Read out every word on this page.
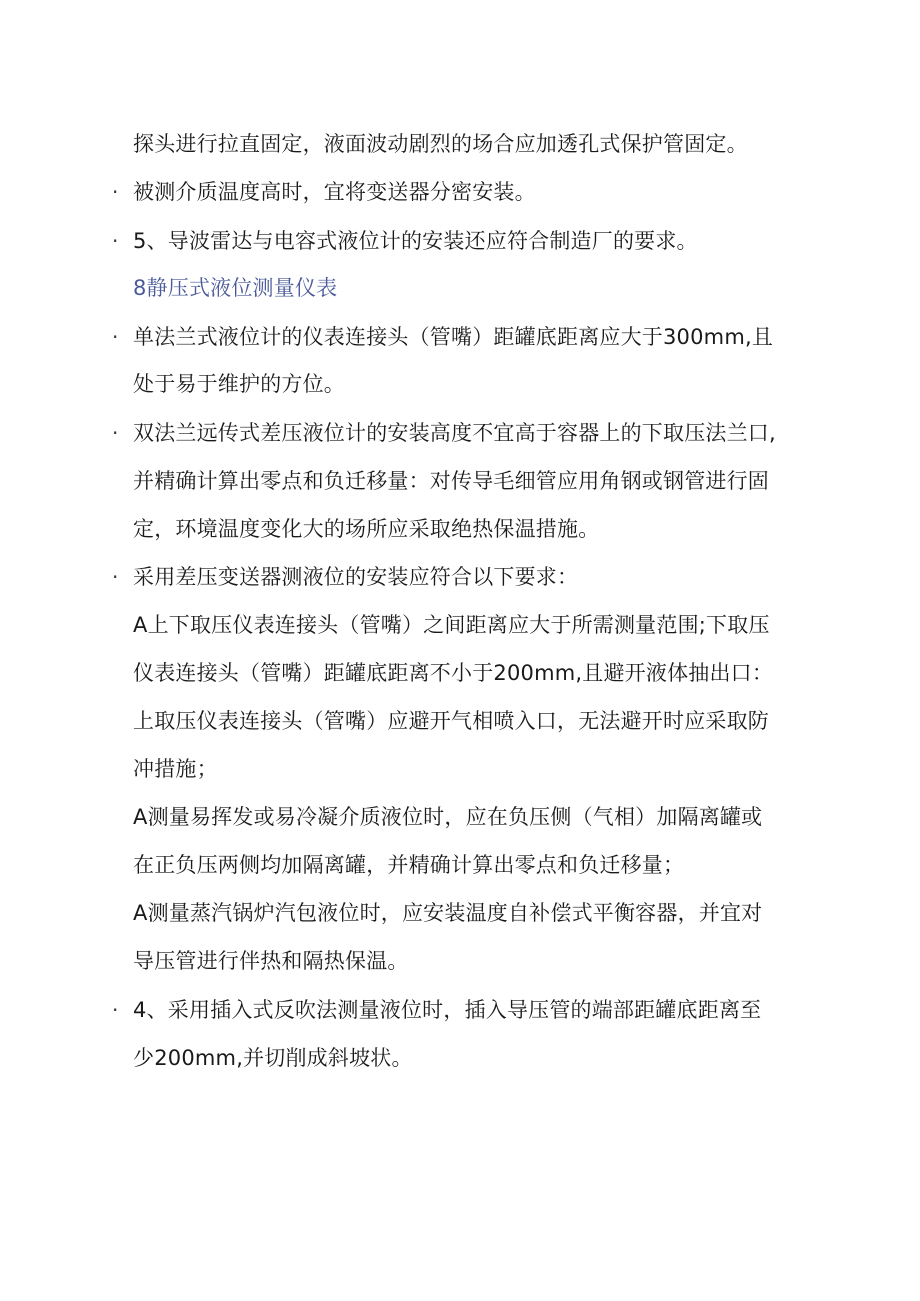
探头进行拉直固定，液面波动剧烈的场合应加透孔式保护管固定。
· 被测介质温度高时，宜将变送器分密安装。
· 5、导波雷达与电容式液位计的安装还应符合制造厂的要求。
8静压式液位测量仪表
· 单法兰式液位计的仪表连接头（管嘴）距罐底距离应大于300mm,且
处于易于维护的方位。
· 双法兰远传式差压液位计的安装高度不宜高于容器上的下取压法兰口,
并精确计算出零点和负迁移量：对传导毛细管应用角钢或钢管进行固
定，环境温度变化大的场所应采取绝热保温措施。
· 采用差压变送器测液位的安装应符合以下要求：
A上下取压仪表连接头（管嘴）之间距离应大于所需测量范围;下取压
仪表连接头（管嘴）距罐底距离不小于200mm,且避开液体抽出口：
上取压仪表连接头（管嘴）应避开气相喷入口，无法避开时应采取防
冲措施；
A测量易挥发或易冷凝介质液位时，应在负压侧（气相）加隔离罐或
在正负压两侧均加隔离罐，并精确计算出零点和负迁移量；
A测量蒸汽锅炉汽包液位时，应安装温度自补偿式平衡容器，并宜对
导压管进行伴热和隔热保温。
· 4、采用插入式反吹法测量液位时，插入导压管的端部距罐底距离至
少200mm,并切削成斜坡状。
